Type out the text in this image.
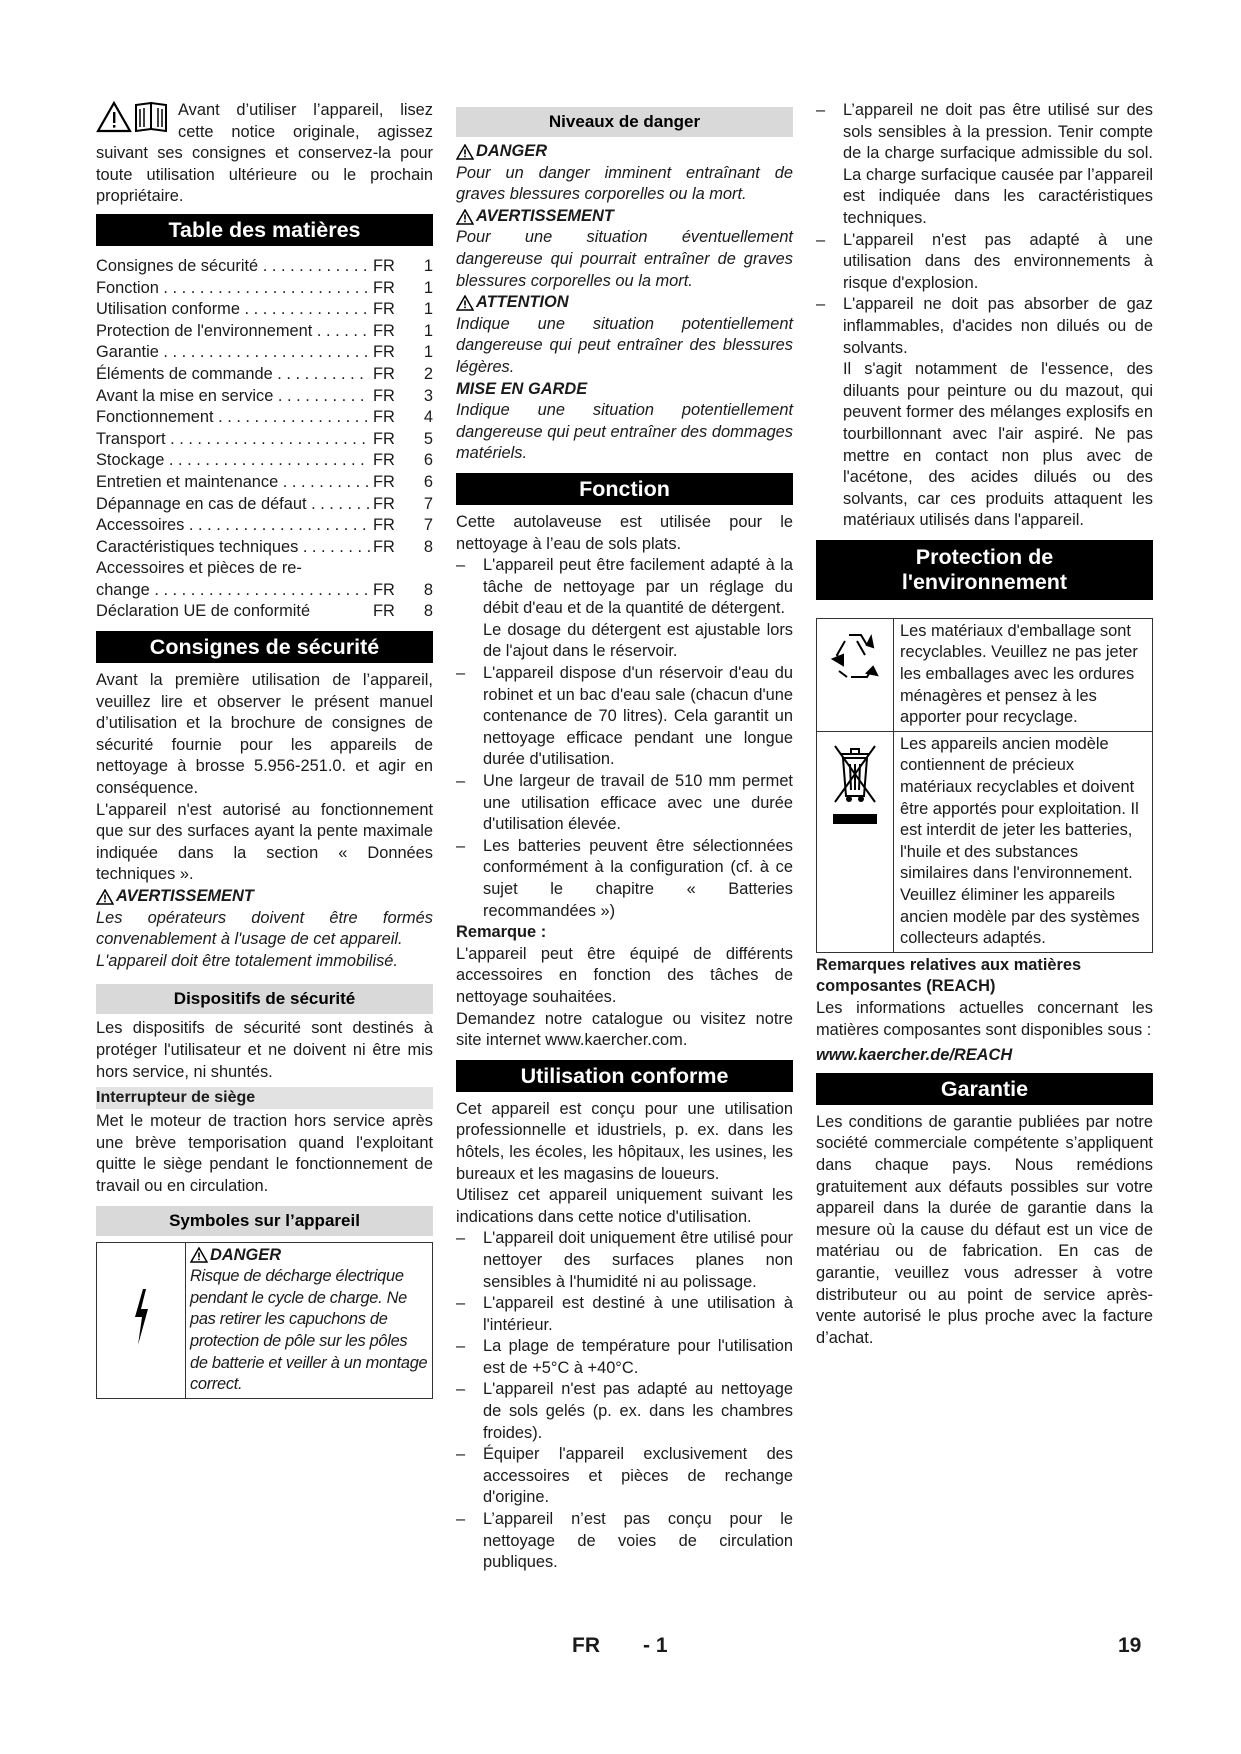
Avant d’utiliser l’appareil, lisez cette notice originale, agissez suivant ses consignes et conservez-la pour toute utilisation ultérieure ou le prochain propriétaire.
Table des matières
Consignes de sécurité . . .	FR	1
Fonction . . .	FR	1
Utilisation conforme . . .	FR	1
Protection de l'environnement . . .	FR	1
Garantie . . .	FR	1
Éléments de commande . . .	FR	2
Avant la mise en service . . .	FR	3
Fonctionnement . . .	FR	4
Transport . . .	FR	5
Stockage . . .	FR	6
Entretien et maintenance . . .	FR	6
Dépannage en cas de défaut . . .	FR	7
Accessoires . . .	FR	7
Caractéristiques techniques . . .	FR	8
Accessoires et pièces de re-
change . . .	FR	8
Déclaration UE de conformité	FR	8
Consignes de sécurité

Avant la première utilisation de l’appareil, veuillez lire et observer le présent manuel d’utilisation et la brochure de consignes de sécurité fournie pour les appareils de nettoyage à brosse 5.956-251.0. et agir en conséquence.

L'appareil n'est autorisé au fonctionnement que sur des surfaces ayant la pente maximale indiquée dans la section « Données techniques ».

AVERTISSEMENT

Les opérateurs doivent être formés convenablement à l'usage de cet appareil.

L'appareil doit être totalement immobilisé.

Dispositifs de sécurité

Les dispositifs de sécurité sont destinés à protéger l'utilisateur et ne doivent ni être mis hors service, ni shuntés.

Interrupteur de siège

Met le moteur de traction hors service après une brève temporisation quand l'exploitant quitte le siège pendant le fonctionnement de travail ou en circulation.

Symboles sur l’appareil

DANGER

Risque de décharge électrique pendant le cycle de charge. Ne pas retirer les capuchons de protection de pôle sur les pôles de batterie et veiller à un montage correct.

Niveaux de danger
DANGER

Pour un danger imminent entraînant de graves blessures corporelles ou la mort.

AVERTISSEMENT

Pour une situation éventuellement dangereuse qui pourrait entraîner de graves blessures corporelles ou la mort.

ATTENTION

Indique une situation potentiellement dangereuse qui peut entraîner des blessures légères.

MISE EN GARDE

Indique une situation potentiellement dangereuse qui peut entraîner des dommages matériels.

Fonction

Cette autolaveuse est utilisée pour le nettoyage à l’eau de sols plats.

– L'appareil peut être facilement adapté à la tâche de nettoyage par un réglage du débit d'eau et de la quantité de détergent.
Le dosage du détergent est ajustable lors de l'ajout dans le réservoir.
– L'appareil dispose d'un réservoir d'eau du robinet et un bac d'eau sale (chacun d'une contenance de 70 litres). Cela garantit un nettoyage efficace pendant une longue durée d'utilisation.
– Une largeur de travail de 510 mm permet une utilisation efficace avec une durée d'utilisation élevée.
– Les batteries peuvent être sélectionnées conformément à la configuration (cf. à ce sujet le chapitre « Batteries recommandées »)
Remarque :

L'appareil peut être équipé de différents accessoires en fonction des tâches de nettoyage souhaitées.

Demandez notre catalogue ou visitez notre site internet www.kaercher.com.

Utilisation conforme

Cet appareil est conçu pour une utilisation professionnelle et idustriels, p. ex. dans les hôtels, les écoles, les hôpitaux, les usines, les bureaux et les magasins de loueurs.

Utilisez cet appareil uniquement suivant les indications dans cette notice d'utilisation.

– L'appareil doit uniquement être utilisé pour nettoyer des surfaces planes non sensibles à l'humidité ni au polissage.
– L'appareil est destiné à une utilisation à l'intérieur.
– La plage de température pour l'utilisation est de +5°C à +40°C.
– L'appareil n'est pas adapté au nettoyage de sols gelés (p. ex. dans les chambres froides).
– Équiper l'appareil exclusivement des accessoires et pièces de rechange d'origine.
– L’appareil n’est pas conçu pour le nettoyage de voies de circulation publiques.
– L’appareil ne doit pas être utilisé sur des sols sensibles à la pression. Tenir compte de la charge surfacique admissible du sol. La charge surfacique causée par l’appareil est indiquée dans les caractéristiques techniques.
– L'appareil n'est pas adapté à une utilisation dans des environnements à risque d'explosion.
– L'appareil ne doit pas absorber de gaz inflammables, d'acides non dilués ou de solvants.
Il s'agit notamment de l'essence, des diluants pour peinture ou du mazout, qui peuvent former des mélanges explosifs en tourbillonnant avec l'air aspiré. Ne pas mettre en contact non plus avec de l'acétone, des acides dilués ou des solvants, car ces produits attaquent les matériaux utilisés dans l'appareil.
Protection de
l'environnement
	Les matériaux d'emballage sont recyclables. Veuillez ne pas jeter les emballages avec les ordures ménagères et pensez à les apporter pour recyclage.
	Les appareils ancien modèle contiennent de précieux matériaux recyclables et doivent être apportés pour exploitation. Il est interdit de jeter les batteries, l'huile et des substances similaires dans l'environnement. Veuillez éliminer les appareils ancien modèle par des systèmes collecteurs adaptés.
Remarques relatives aux matières composantes (REACH)

Les informations actuelles concernant les matières composantes sont disponibles sous :

www.kaercher.de/REACH
Garantie

Les conditions de garantie publiées par notre société commerciale compétente s’appliquent dans chaque pays. Nous remédions gratuitement aux défauts possibles sur votre appareil dans la durée de garantie dans la mesure où la cause du défaut est un vice de matériau ou de fabrication. En cas de garantie, veuillez vous adresser à votre distributeur ou au point de service après-vente autorisé le plus proche avec la facture d’achat.

FR - 1	19
